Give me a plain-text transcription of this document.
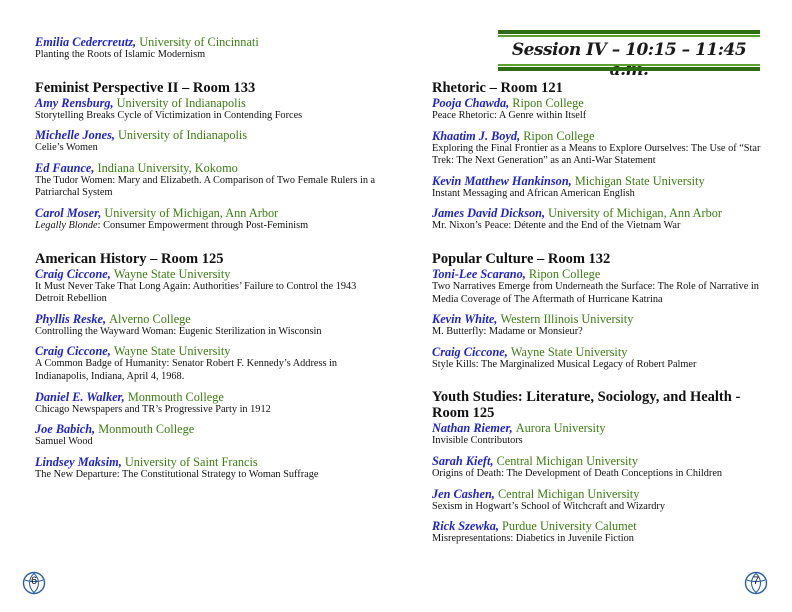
Emilia Cedercreutz, University of Cincinnati
Planting the Roots of Islamic Modernism
Feminist Perspective II – Room 133
Amy Rensburg, University of Indianapolis
Storytelling Breaks Cycle of Victimization in Contending Forces
Michelle Jones, University of Indianapolis
Celie’s Women
Ed Faunce, Indiana University, Kokomo
The Tudor Women: Mary and Elizabeth. A Comparison of Two Female Rulers in a Patriarchal System
Carol Moser, University of Michigan, Ann Arbor
Legally Blonde: Consumer Empowerment through Post-Feminism
American History – Room 125
Craig Ciccone, Wayne State University
It Must Never Take That Long Again: Authorities’ Failure to Control the 1943 Detroit Rebellion
Phyllis Reske, Alverno College
Controlling the Wayward Woman: Eugenic Sterilization in Wisconsin
Craig Ciccone, Wayne State University
A Common Badge of Humanity: Senator Robert F. Kennedy’s Address in Indianapolis, Indiana, April 4, 1968.
Daniel E. Walker, Monmouth College
Chicago Newspapers and TR’s Progressive Party in 1912
Joe Babich, Monmouth College
Samuel Wood
Lindsey Maksim, University of Saint Francis
The New Departure: The Constitutional Strategy to Woman Suffrage
6
Session IV – 10:15 – 11:45
Rhetoric – Room 121
Pooja Chawda, Ripon College
Peace Rhetoric: A Genre within Itself
Khaatim J. Boyd, Ripon College
Exploring the Final Frontier as a Means to Explore Ourselves: The Use of “Star Trek: The Next Generation” as an Anti-War Statement
Kevin Matthew Hankinson, Michigan State University
Instant Messaging and African American English
James David Dickson, University of Michigan, Ann Arbor
Mr. Nixon’s Peace: Détente and the End of the Vietnam War
Popular Culture – Room 132
Toni-Lee Scarano, Ripon College
Two Narratives Emerge from Underneath the Surface: The Role of Narrative in Media Coverage of The Aftermath of Hurricane Katrina
Kevin White, Western Illinois University
M. Butterfly: Madame or Monsieur?
Craig Ciccone, Wayne State University
Style Kills: The Marginalized Musical Legacy of Robert Palmer
Youth Studies: Literature, Sociology, and Health - Room 125
Nathan Riemer, Aurora University
Invisible Contributors
Sarah Kieft, Central Michigan University
Origins of Death: The Development of Death Conceptions in Children
Jen Cashen, Central Michigan University
Sexism in Hogwart’s School of Witchcraft and Wizardry
Rick Szewka, Purdue University Calumet
Misrepresentations: Diabetics in Juvenile Fiction
7
